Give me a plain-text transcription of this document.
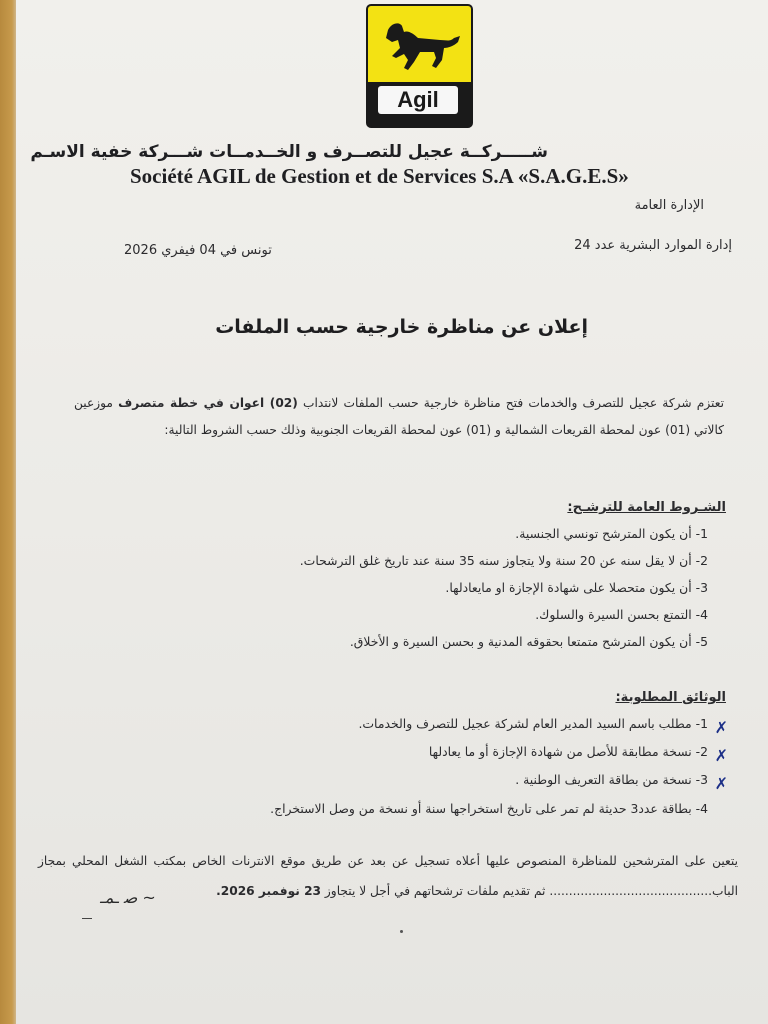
Agil
شـــــركــة عجيل للتصــرف و الخــدمــات شـــركة خفية الاسـم
Société AGIL de Gestion et de Services S.A «S.A.G.E.S»
الإدارة العامة
إدارة الموارد البشرية عدد 24
تونس في 04 فيفري 2026
إعلان عن مناظرة خارجية حسب الملفات
تعتزم شركة عجيل للتصرف والخدمات فتح مناظرة خارجية حسب الملفات لانتداب (02) اعوان في خطة متصرف موزعين كالاتي (01) عون لمحطة القريعات الشمالية و (01) عون لمحطة القريعات الجنوبية وذلك حسب الشروط التالية:
الشـروط العامة للترشـح:
1- أن يكون المترشح تونسي الجنسية.
2- أن لا يقل سنه عن 20 سنة ولا يتجاوز سنه 35 سنة عند تاريخ غلق الترشحات.
3- أن يكون متحصلا على شهادة الإجازة او مايعادلها.
4- التمتع بحسن السيرة والسلوك.
5- أن يكون المترشح متمتعا بحقوقه المدنية و بحسن السيرة و الأخلاق.
الوثائق المطلوبة:
✗
1- مطلب باسم السيد المدير العام لشركة عجيل للتصرف والخدمات.
✗
2- نسخة مطابقة للأصل من شهادة الإجازة أو ما يعادلها
✗
3- نسخة من بطاقة التعريف الوطنية .
4- بطاقة عدد3 حديثة لم تمر على تاريخ استخراجها سنة أو نسخة من وصل الاستخراج.
يتعين على المترشحين للمناظرة المنصوص عليها أعلاه تسجيل عن بعد عن طريق موقع الانترنات الخاص بمكتب الشغل المحلي بمجاز الباب.......................................... ثم تقديم ملفات ترشحاتهم في أجل لا يتجاوز 23 نوفمبر 2026.
ص‍ ـمـ ~
